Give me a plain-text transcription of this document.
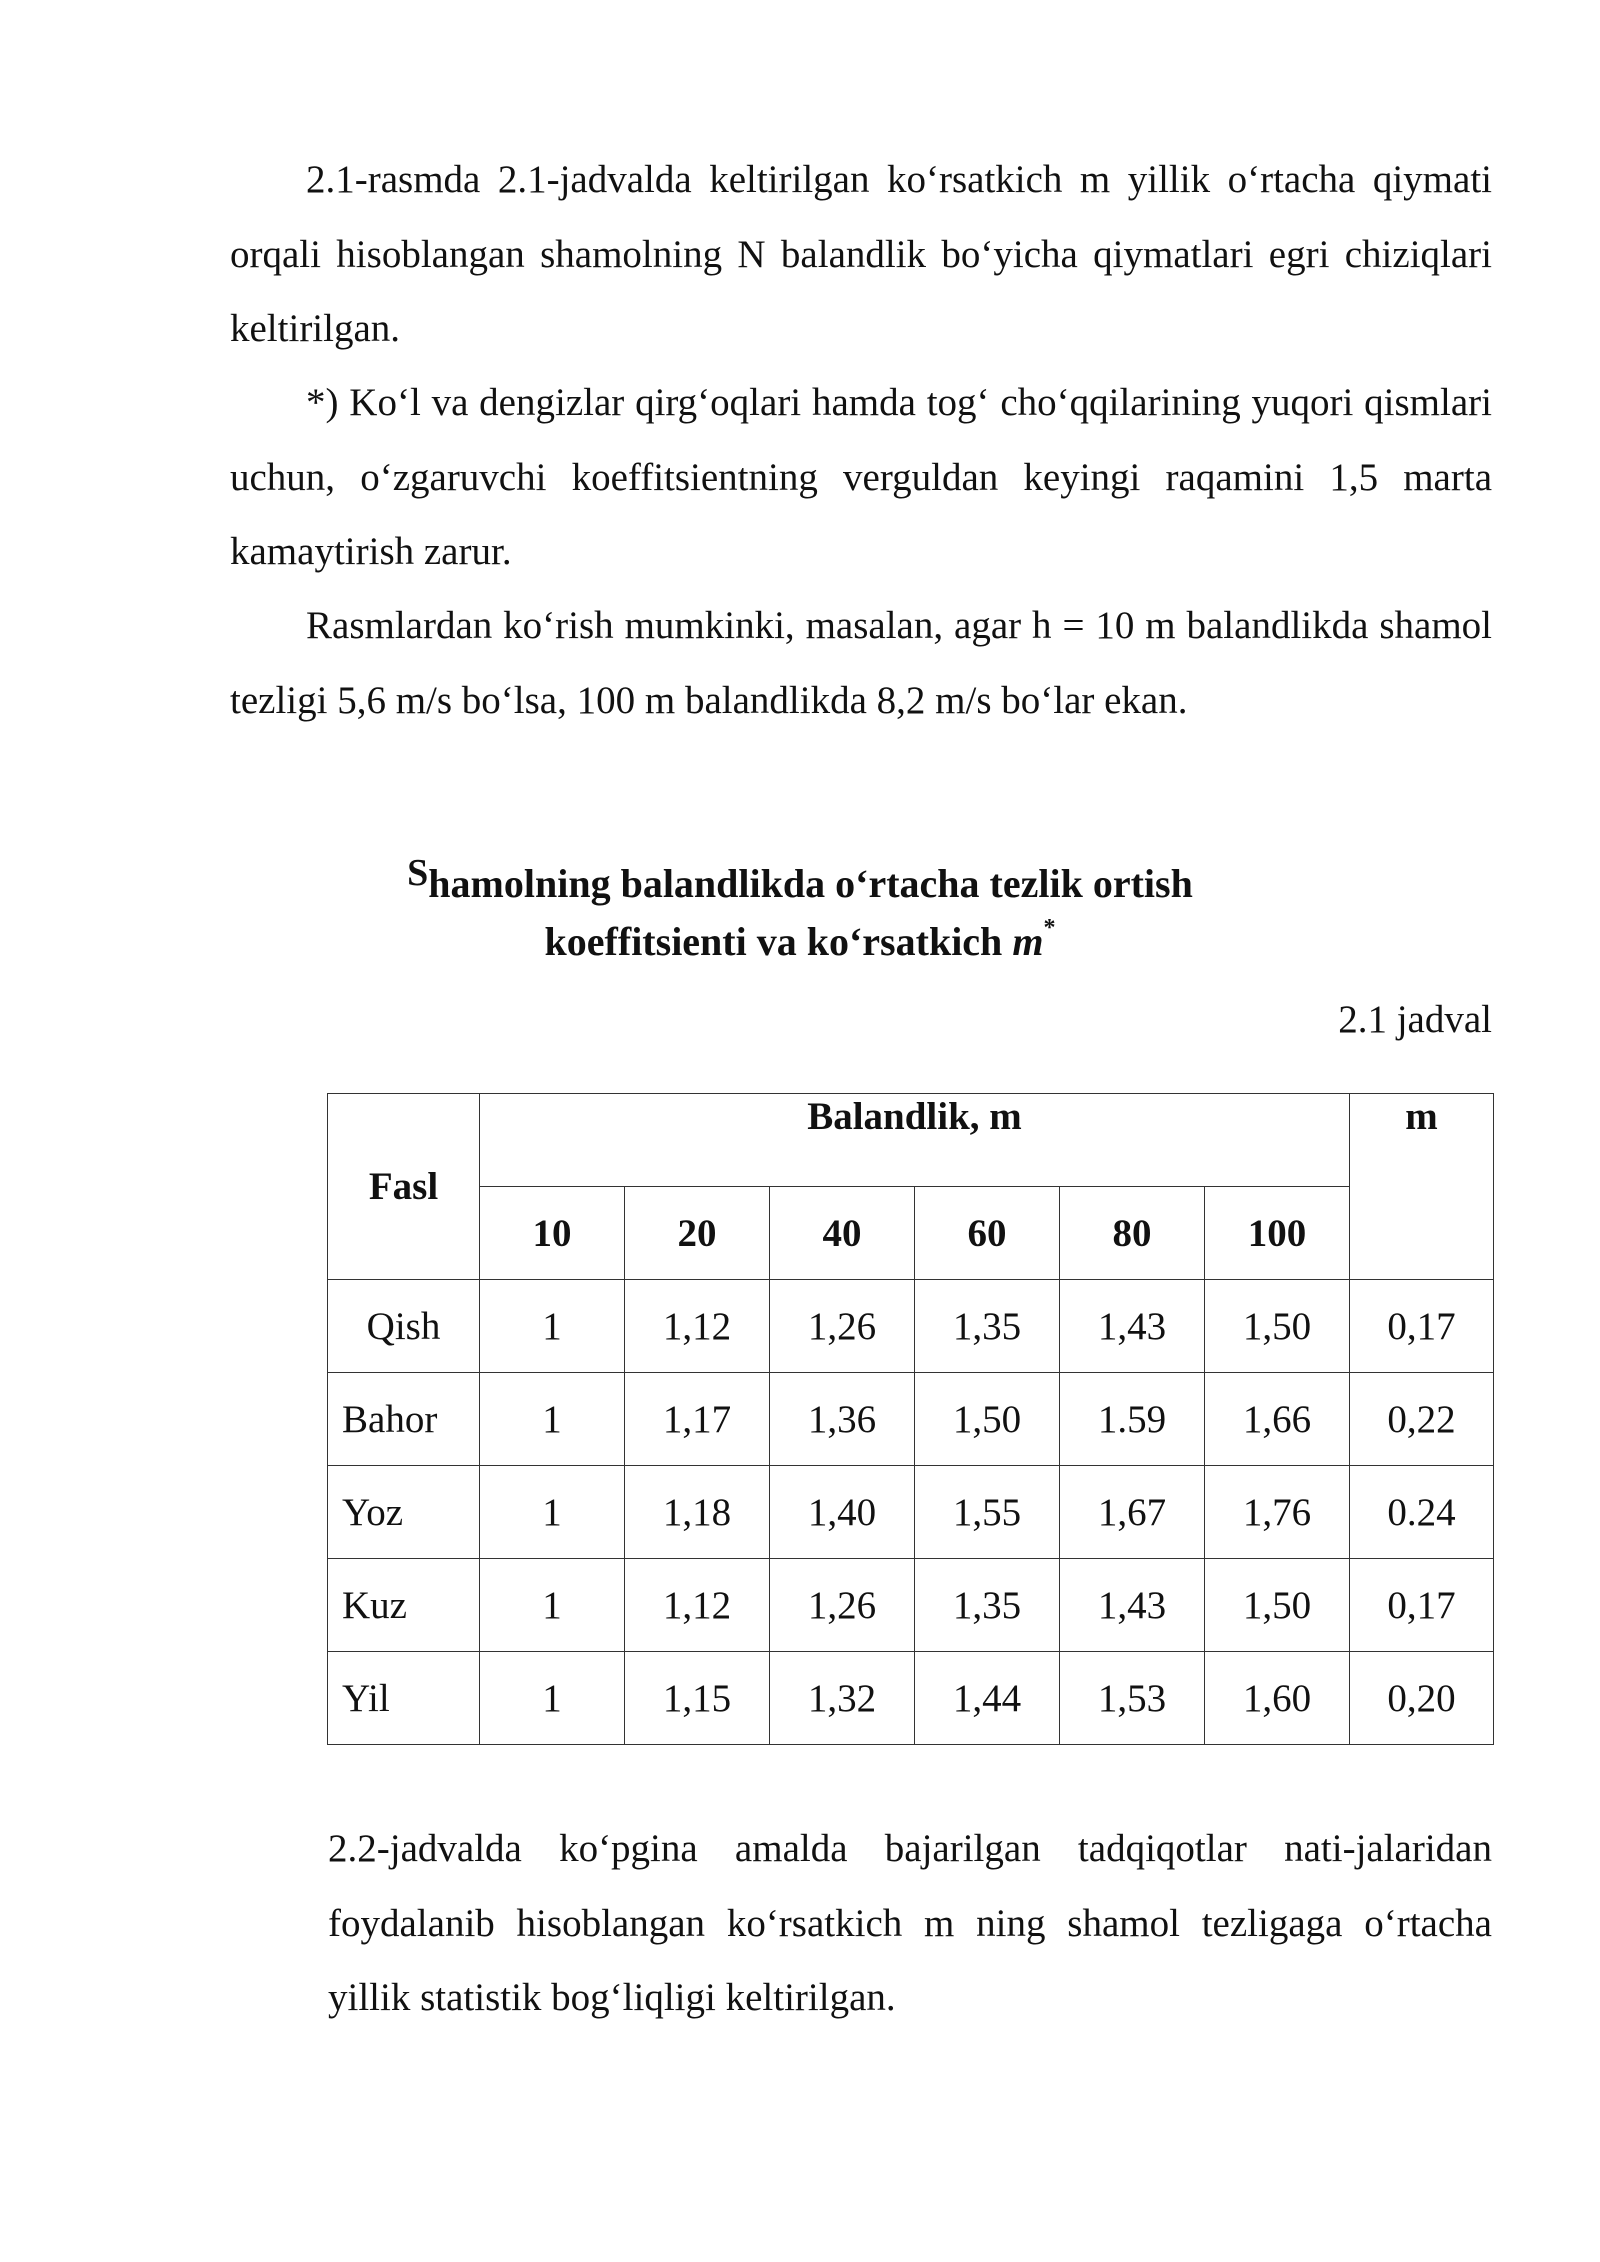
2.1-rasmda 2.1-jadvalda keltirilgan ko‘rsatkich m yillik o‘rtacha qiymati orqali hisoblangan shamolning N balandlik bo‘yicha qiymatlari egri chiziqlari keltirilgan.

*) Ko‘l va dengizlar qirg‘oqlari hamda tog‘ cho‘qqilarining yuqori qismlari uchun, o‘zgaruvchi koeffitsientning verguldan keyingi raqamini 1,5 marta kamaytirish zarur.

Rasmlardan ko‘rish mumkinki, masalan, agar h = 10 m balandlikda shamol tezligi 5,6 m/s bo‘lsa, 100 m balandlikda 8,2 m/s bo‘lar ekan.

Shamolning balandlikda o‘rtacha tezlik ortish

koeffitsienti va ko‘rsatkich m*

2.1 jadval
Fasl	Balandlik, m						m
	10	20	40	60	80	100	
Qish	1	1,12	1,26	1,35	1,43	1,50	0,17
Bahor	1	1,17	1,36	1,50	1.59	1,66	0,22
Yoz	1	1,18	1,40	1,55	1,67	1,76	0.24
Kuz	1	1,12	1,26	1,35	1,43	1,50	0,17
Yil	1	1,15	1,32	1,44	1,53	1,60	0,20

2.2-jadvalda ko‘pgina amalda bajarilgan tadqiqotlar nati-jalaridan foydalanib hisoblangan ko‘rsatkich m ning shamol tezligaga o‘rtacha yillik statistik bog‘liqligi keltirilgan.
